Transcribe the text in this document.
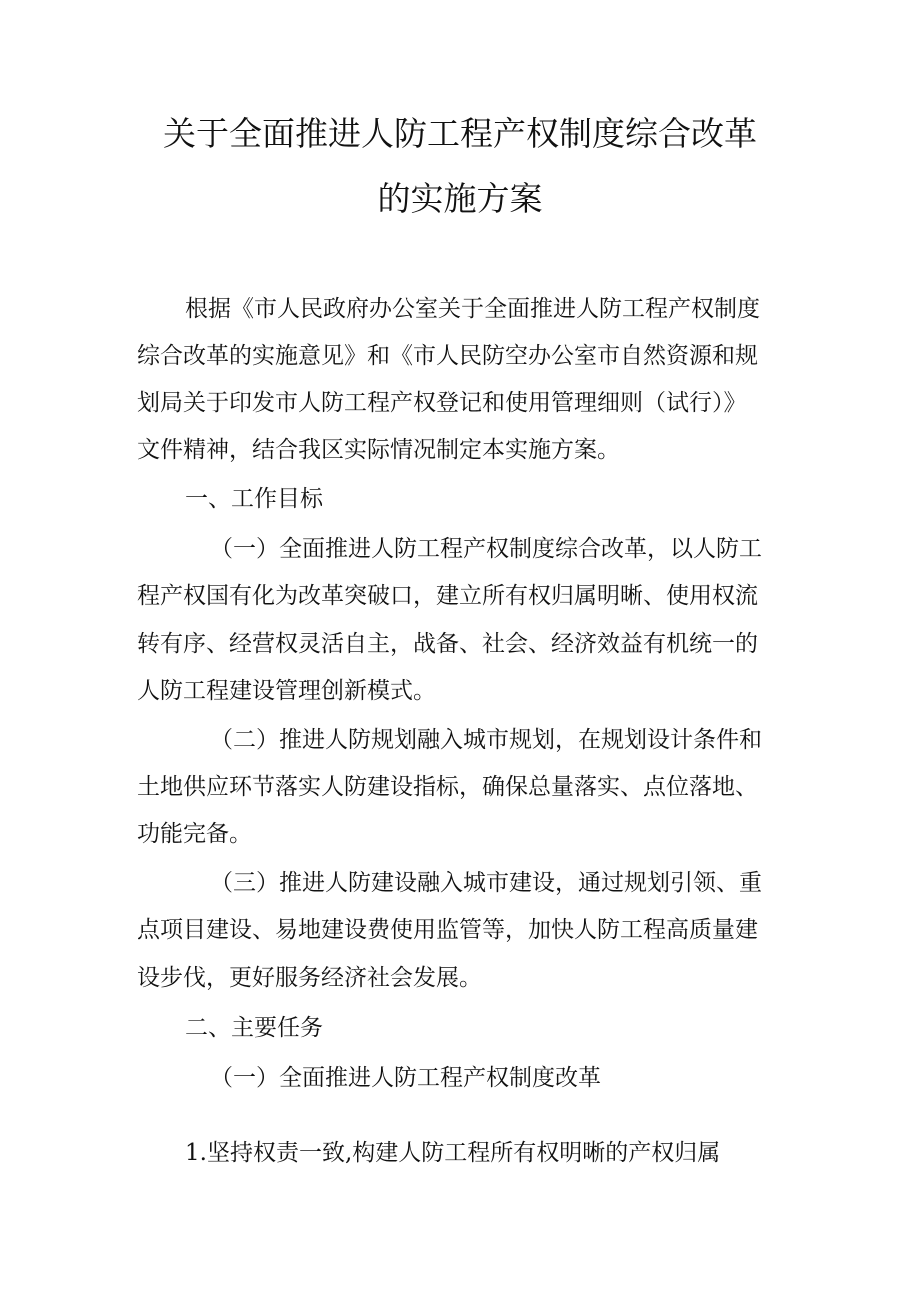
关于全面推进人防工程产权制度综合改革
的实施方案
根据《市人民政府办公室关于全面推进人防工程产权制度
综合改革的实施意见》和《市人民防空办公室市自然资源和规
划局关于印发市人防工程产权登记和使用管理细则（试行）》
文件精神，结合我区实际情况制定本实施方案。
一、工作目标
（一）全面推进人防工程产权制度综合改革，以人防工
程产权国有化为改革突破口，建立所有权归属明晰、使用权流
转有序、经营权灵活自主，战备、社会、经济效益有机统一的
人防工程建设管理创新模式。
（二）推进人防规划融入城市规划，在规划设计条件和
土地供应环节落实人防建设指标，确保总量落实、点位落地、
功能完备。
（三）推进人防建设融入城市建设，通过规划引领、重
点项目建设、易地建设费使用监管等，加快人防工程高质量建
设步伐，更好服务经济社会发展。
二、主要任务
（一）全面推进人防工程产权制度改革
1.坚持权责一致,构建人防工程所有权明晰的产权归属
